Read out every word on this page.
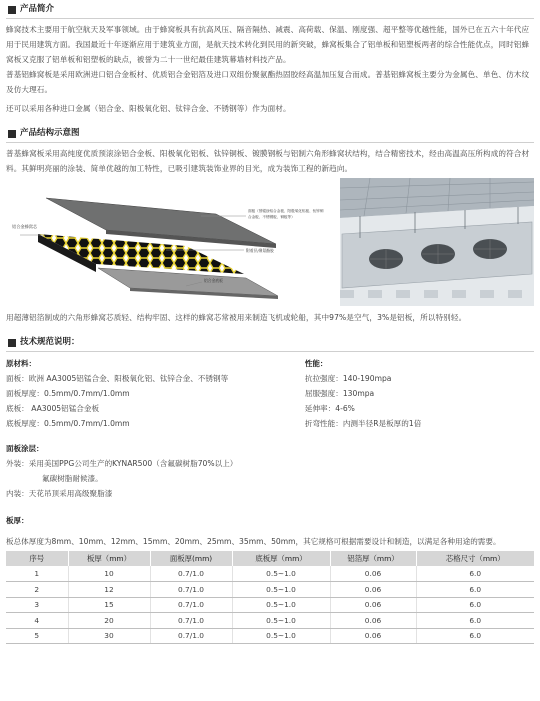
产品简介

蜂窝技术主要用于航空航天及军事领域。由于蜂窝板具有抗高风压、隔音隔热、减震、高荷载、保温、刚度强、超平整等优越性能，国外已在五六十年代应用于民用建筑方面。我国最近十年逐渐应用于建筑业方面，是航天技术转化到民用的新突破，蜂窝板集合了铝单板和铝塑板两者的综合性能优点，同时铝蜂窝板又克服了铝单板和铝塑板的缺点，被誉为二十一世纪最佳建筑幕墙材料技产品。

普基铝蜂窝板是采用欧洲进口铝合金板材、优质铝合金铝箔及进口双组份聚氨酯热固胶经高温加压复合而成。普基铝蜂窝板主要分为金属色、单色、仿木纹及仿大理石。

还可以采用各种进口金属（铝合金、阳极氧化铝、钛锌合金、不锈钢等）作为面材。

产品结构示意图

普基蜂窝板采用高纯度优质预滚涂铝合金板、阳极氧化铝板、钛锌铜板、镀膜钢板与铝制六角形蜂窝状结构，结合精密技术，经由高温高压所构成的符合材料。其鲜明亮丽的涂装、简单优越的加工特性，已吸引建筑装饰业界的目光，成为装饰工程的新趋向。

铝合金蜂窝芯
面板（预辊涂铝合金板、阳极氧化铝板、钛锌铜
合金板、不锈钢板、铜板等）
附着层/聚氨酯胶
铝合金底板

用超薄铝箔制成的六角形蜂窝芯质轻、结构牢固、这样的蜂窝芯常被用来制造飞机或轮船，其中97%是空气，3%是铝板，所以特别轻。

技术规范说明：
原材料：
面板：欧洲 AA3005铝锰合金、阳极氧化铝、钛锌合金、不锈钢等
面板厚度：0.5mm/0.7mm/1.0mm
底板： AA3005铝锰合金板
底板厚度：0.5mm/0.7mm/1.0mm
性能：
抗拉强度：140-190mpa
屈服强度：130mpa
延伸率：4-6%
折弯性能：内测半径R是板厚的1倍
面板涂层：
外装：采用美国PPG公司生产的KYNAR500（含氟碳树脂70%以上）
氟碳树脂耐候漆。
内装：天花吊顶采用高级聚脂漆
板厚：
板总体厚度为8mm、10mm、12mm、15mm、20mm、25mm、35mm、50mm，其它规格可根据需要设计和制造，以满足各种用途的需要。
序号	板厚（mm）	面板厚(mm)	底板厚（mm）	铝箔厚（mm）	芯格尺寸（mm）
1	10	0.7/1.0	0.5~1.0	0.06	6.0
2	12	0.7/1.0	0.5~1.0	0.06	6.0
3	15	0.7/1.0	0.5~1.0	0.06	6.0
4	20	0.7/1.0	0.5~1.0	0.06	6.0
5	30	0.7/1.0	0.5~1.0	0.06	6.0
